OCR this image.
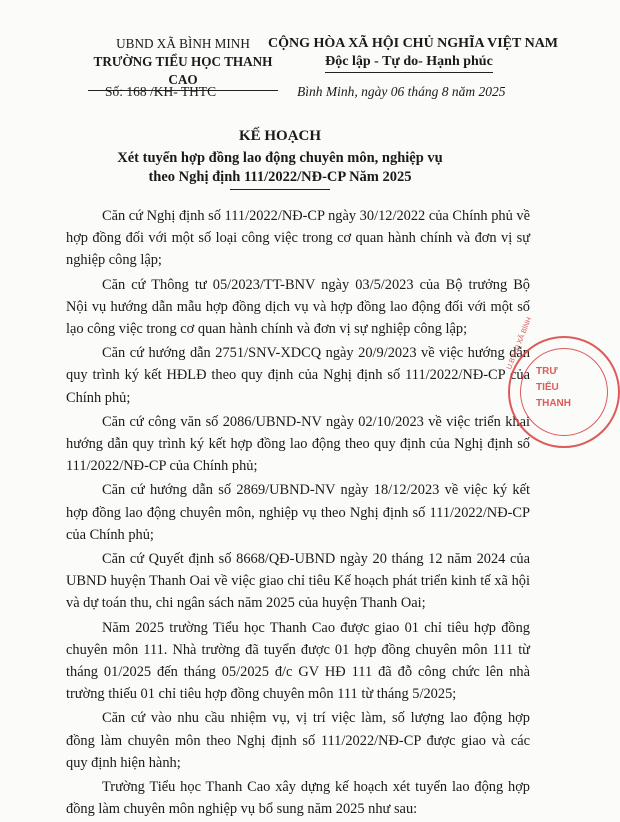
UBND XÃ BÌNH MINH
TRƯỜNG TIỂU HỌC THANH CAO
CỘNG HÒA XÃ HỘI CHỦ NGHĨA VIỆT NAM
Độc lập - Tự do- Hạnh phúc
Số: 168 /KH- THTC	Bình Minh, ngày 06 tháng 8 năm 2025
KẾ HOẠCH
Xét tuyển hợp đồng lao động chuyên môn, nghiệp vụ
theo Nghị định 111/2022/NĐ-CP Năm 2025

Căn cứ Nghị định số 111/2022/NĐ-CP ngày 30/12/2022 của Chính phủ về hợp đồng đối với một số loại công việc trong cơ quan hành chính và đơn vị sự nghiệp công lập;

Căn cứ Thông tư 05/2023/TT-BNV ngày 03/5/2023 của Bộ trưởng Bộ Nội vụ hướng dẫn mẫu hợp đồng dịch vụ và hợp đồng lao động đối với một số lạo công việc trong cơ quan hành chính và đơn vị sự nghiệp công lập;

Căn cứ hướng dẫn 2751/SNV-XDCQ ngày 20/9/2023 về việc hướng dẫn quy trình ký kết HĐLĐ theo quy định của Nghị định số 111/2022/NĐ-CP của Chính phủ;

Căn cứ công văn số 2086/UBND-NV ngày 02/10/2023 về việc triển khai hướng dẫn quy trình ký kết hợp đồng lao động theo quy định của Nghị định số 111/2022/NĐ-CP của Chính phủ;

Căn cứ hướng dẫn số 2869/UBND-NV ngày 18/12/2023 về việc ký kết hợp đồng lao động chuyên môn, nghiệp vụ theo Nghị định số 111/2022/NĐ-CP của Chính phủ;

Căn cứ Quyết định số 8668/QĐ-UBND ngày 20 tháng 12 năm 2024 của UBND huyện Thanh Oai về việc giao chỉ tiêu Kế hoạch phát triển kinh tế xã hội và dự toán thu, chi ngân sách năm 2025 của huyện Thanh Oai;

Năm 2025 trường Tiểu học Thanh Cao được giao 01 chỉ tiêu hợp đồng chuyên môn 111. Nhà trường đã tuyển được 01 hợp đồng chuyên môn 111 từ tháng 01/2025 đến tháng 05/2025 đ/c GV HĐ 111 đã đỗ công chức lên nhà trường thiếu 01 chỉ tiêu hợp đồng chuyên môn 111 từ tháng 5/2025;

Căn cứ vào nhu cầu nhiệm vụ, vị trí việc làm, số lượng lao động hợp đồng làm chuyên môn theo Nghị định số 111/2022/NĐ-CP được giao và các quy định hiện hành;

Trường Tiểu học Thanh Cao xây dựng kế hoạch xét tuyển lao động hợp đồng làm chuyên môn nghiệp vụ bổ sung năm 2025 như sau:

U.B.N.D XÃ BÌNH
TRƯ
TIỂU
THANH
